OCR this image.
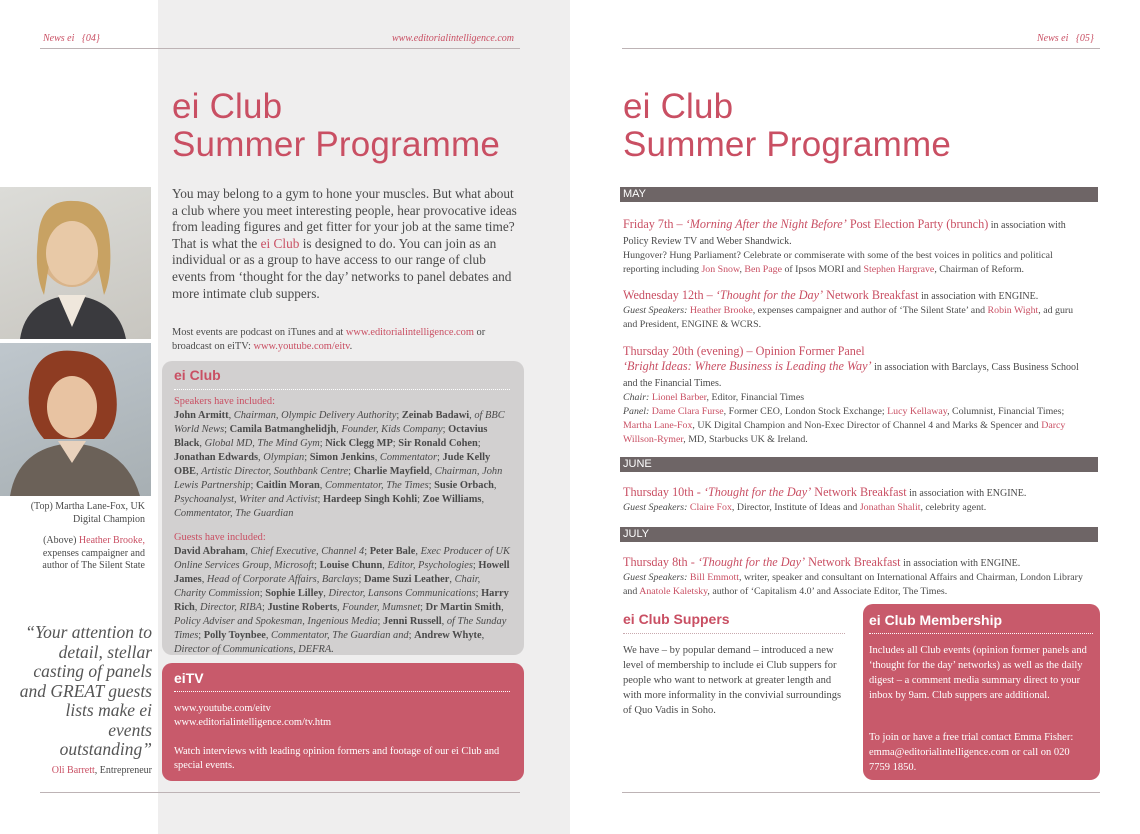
News ei {04}	www.editorialintelligence.com
ei Club
Summer Programme
(Top) Martha Lane-Fox, UK Digital Champion
(Above) Heather Brooke, expenses campaigner and author of The Silent State
“Your attention to detail, stellar casting of panels and GREAT guests lists make ei events outstanding”
Oli Barrett, Entrepreneur
You may belong to a gym to hone your muscles. But what about a club where you meet interesting people, hear provocative ideas from leading figures and get fitter for your job at the same time? That is what the ei Club is designed to do. You can join as an individual or as a group to have access to our range of club events from ‘thought for the day’ networks to panel debates and more intimate club suppers.
Most events are podcast on iTunes and at www.editorialintelligence.com or broadcast on eiTV: www.youtube.com/eitv.
ei Club
Speakers have included:
John Armitt, Chairman, Olympic Delivery Authority; Zeinab Badawi, of BBC World News; Camila Batmanghelidjh, Founder, Kids Company; Octavius Black, Global MD, The Mind Gym; Nick Clegg MP; Sir Ronald Cohen; Jonathan Edwards, Olympian; Simon Jenkins, Commentator; Jude Kelly OBE, Artistic Director, Southbank Centre; Charlie Mayfield, Chairman, John Lewis Partnership; Caitlin Moran, Commentator, The Times; Susie Orbach, Psychoanalyst, Writer and Activist; Hardeep Singh Kohli; Zoe Williams, Commentator, The Guardian
Guests have included:
David Abraham, Chief Executive, Channel 4; Peter Bale, Exec Producer of UK Online Services Group, Microsoft; Louise Chunn, Editor, Psychologies; Howell James, Head of Corporate Affairs, Barclays; Dame Suzi Leather, Chair, Charity Commission; Sophie Lilley, Director, Lansons Communications; Harry Rich, Director, RIBA; Justine Roberts, Founder, Mumsnet; Dr Martin Smith, Policy Adviser and Spokesman, Ingenious Media; Jenni Russell, of The Sunday Times; Polly Toynbee, Commentator, The Guardian and; Andrew Whyte, Director of Communications, DEFRA.
eiTV
www.youtube.com/eitv
www.editorialintelligence.com/tv.htm
Watch interviews with leading opinion formers and footage of our ei Club and special events.
News ei {05}
ei Club
Summer Programme
MAY
Friday 7th – ‘Morning After the Night Before’ Post Election Party (brunch) in association with Policy Review TV and Weber Shandwick.
Hungover? Hung Parliament? Celebrate or commiserate with some of the best voices in politics and political reporting including Jon Snow, Ben Page of Ipsos MORI and Stephen Hargrave, Chairman of Reform.
Wednesday 12th – ‘Thought for the Day’ Network Breakfast in association with ENGINE.
Guest Speakers: Heather Brooke, expenses campaigner and author of ‘The Silent State’ and Robin Wight, ad guru and President, ENGINE & WCRS.
Thursday 20th (evening) – Opinion Former Panel
‘Bright Ideas: Where Business is Leading the Way’ in association with Barclays, Cass Business School and the Financial Times.
Chair: Lionel Barber, Editor, Financial Times
Panel: Dame Clara Furse, Former CEO, London Stock Exchange; Lucy Kellaway, Columnist, Financial Times; Martha Lane-Fox, UK Digital Champion and Non-Exec Director of Channel 4 and Marks & Spencer and Darcy Willson-Rymer, MD, Starbucks UK & Ireland.
JUNE
Thursday 10th - ‘Thought for the Day’ Network Breakfast in association with ENGINE.
Guest Speakers: Claire Fox, Director, Institute of Ideas and Jonathan Shalit, celebrity agent.
JULY
Thursday 8th - ‘Thought for the Day’ Network Breakfast in association with ENGINE.
Guest Speakers: Bill Emmott, writer, speaker and consultant on International Affairs and Chairman, London Library and Anatole Kaletsky, author of ‘Capitalism 4.0’ and Associate Editor, The Times.
ei Club Suppers
We have – by popular demand – introduced a new level of membership to include ei Club suppers for people who want to network at greater length and with more informality in the convivial surroundings of Quo Vadis in Soho.
ei Club Membership
Includes all Club events (opinion former panels and ‘thought for the day’ networks) as well as the daily digest – a comment media summary direct to your inbox by 9am. Club suppers are additional.
To join or have a free trial contact Emma Fisher: emma@editorialintelligence.com or call on 020 7759 1850.
